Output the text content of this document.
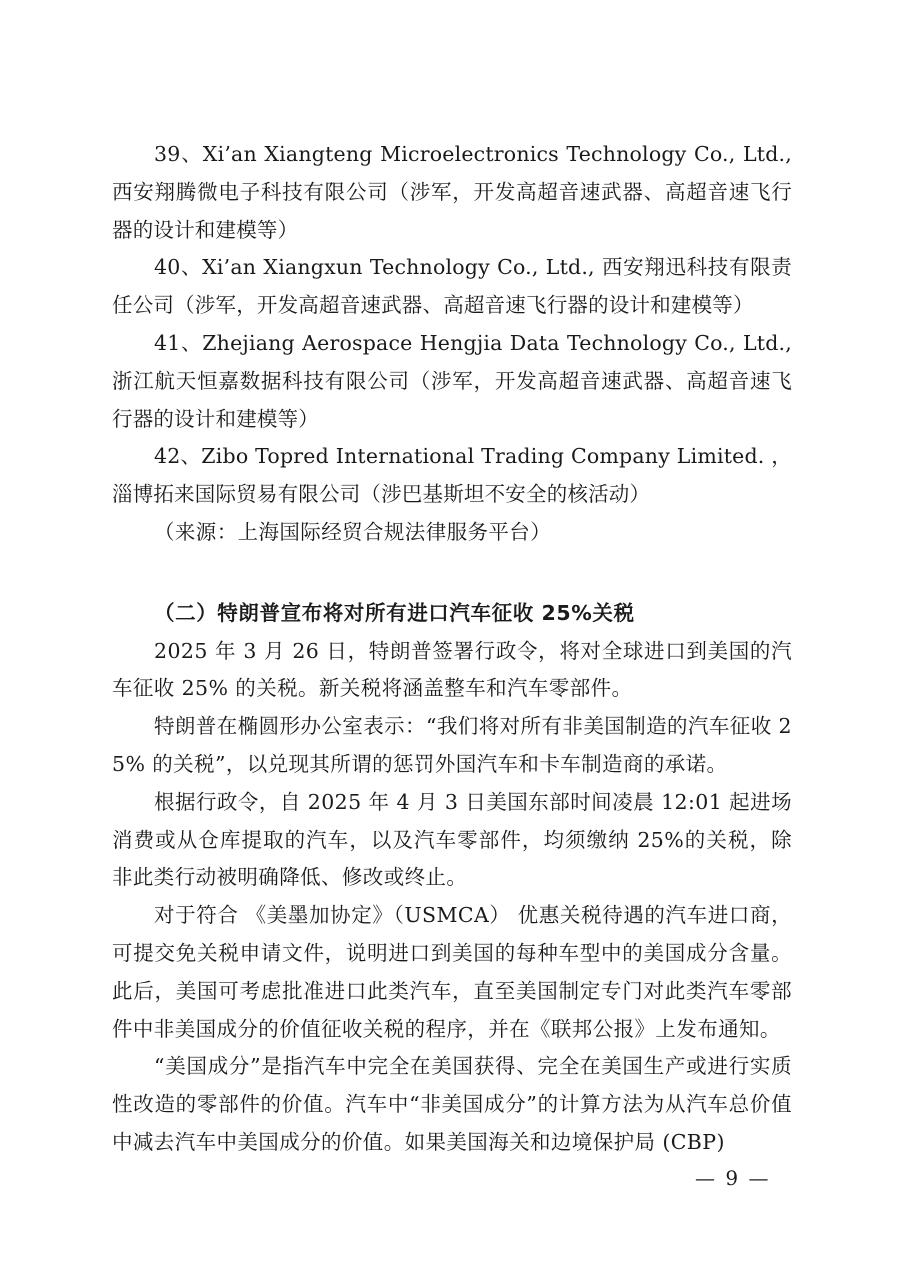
39、Xi’an Xiangteng Microelectronics Technology Co., Ltd., 西安翔腾微电子科技有限公司（涉军，开发高超音速武器、高超音速飞行器的设计和建模等）

40、Xi’an Xiangxun Technology Co., Ltd., 西安翔迅科技有限责任公司（涉军，开发高超音速武器、高超音速飞行器的设计和建模等）

41、Zhejiang Aerospace Hengjia Data Technology Co., Ltd., 浙江航天恒嘉数据科技有限公司（涉军，开发高超音速武器、高超音速飞行器的设计和建模等）

42、Zibo Topred International Trading Company Limited. ，淄博拓来国际贸易有限公司（涉巴基斯坦不安全的核活动）

（来源：上海国际经贸合规法律服务平台）

（二）特朗普宣布将对所有进口汽车征收 25%关税

2025 年 3 月 26 日，特朗普签署行政令，将对全球进口到美国的汽车征收 25% 的关税。新关税将涵盖整车和汽车零部件。

特朗普在椭圆形办公室表示：“我们将对所有非美国制造的汽车征收 25% 的关税”，以兑现其所谓的惩罚外国汽车和卡车制造商的承诺。

根据行政令，自 2025 年 4 月 3 日美国东部时间凌晨 12:01 起进场消费或从仓库提取的汽车，以及汽车零部件，均须缴纳 25%的关税，除非此类行动被明确降低、修改或终止。

对于符合 《美墨加协定》（USMCA） 优惠关税待遇的汽车进口商，可提交免关税申请文件，说明进口到美国的每种车型中的美国成分含量。此后，美国可考虑批准进口此类汽车，直至美国制定专门对此类汽车零部件中非美国成分的价值征收关税的程序，并在《联邦公报》上发布通知。

“美国成分”是指汽车中完全在美国获得、完全在美国生产或进行实质性改造的零部件的价值。汽车中“非美国成分”的计算方法为从汽车总价值中减去汽车中美国成分的价值。如果美国海关和边境保护局 (CBP)

— 9 —
